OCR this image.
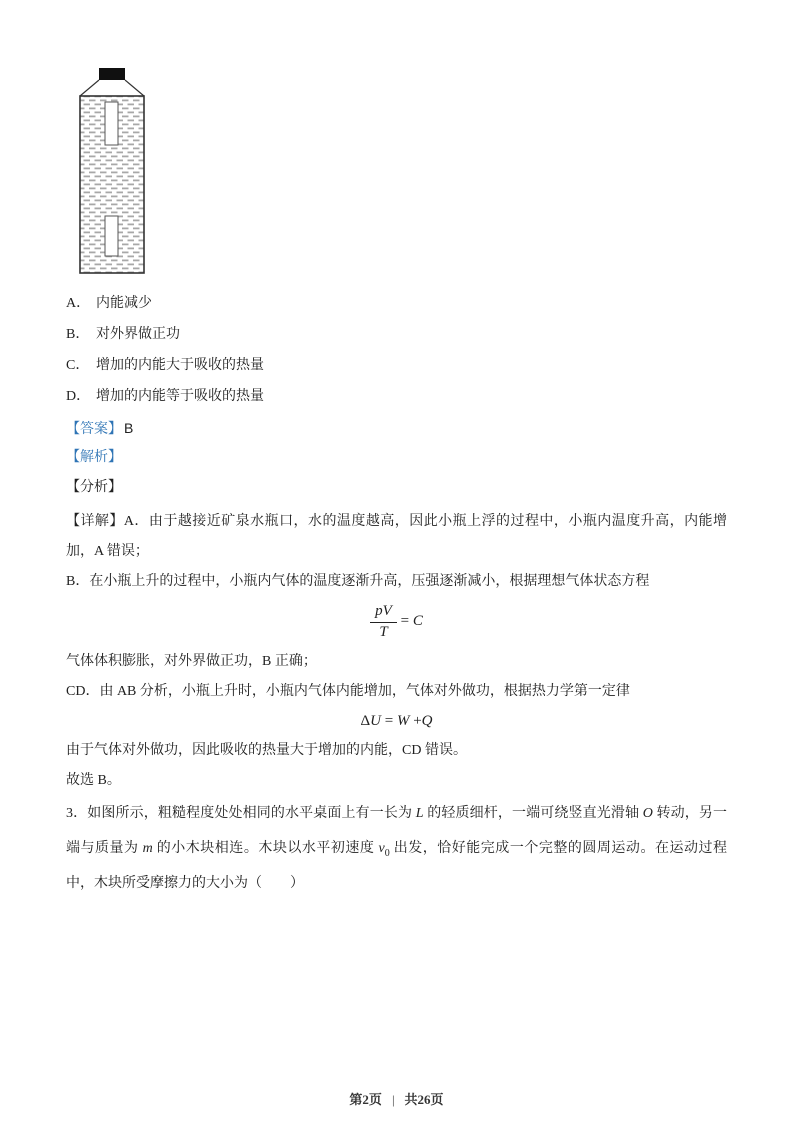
A． 内能减少
B． 对外界做正功
C． 增加的内能大于吸收的热量
D． 增加的内能等于吸收的热量
【答案】 B
【解析】
【分析】

【详解】A．由于越接近矿泉水瓶口，水的温度越高，因此小瓶上浮的过程中，小瓶内温度升高，内能增加，A 错误；

B．在小瓶上升的过程中，小瓶内气体的温度逐渐升高，压强逐渐减小，根据理想气体状态方程

$\frac{pV}{T} = C$

气体体积膨胀，对外界做正功，B 正确；

CD．由 AB 分析，小瓶上升时，小瓶内气体内能增加，气体对外做功，根据热力学第一定律

ΔU = W +Q

由于气体对外做功，因此吸收的热量大于增加的内能，CD 错误。

故选 B。

3．如图所示，粗糙程度处处相同的水平桌面上有一长为 L 的轻质细杆，一端可绕竖直光滑轴 O 转动，另一端与质量为 m 的小木块相连。木块以水平初速度 $v_0$ 出发，恰好能完成一个完整的圆周运动。在运动过程中，木块所受摩擦力的大小为（　　）

第2页 | 共26页
